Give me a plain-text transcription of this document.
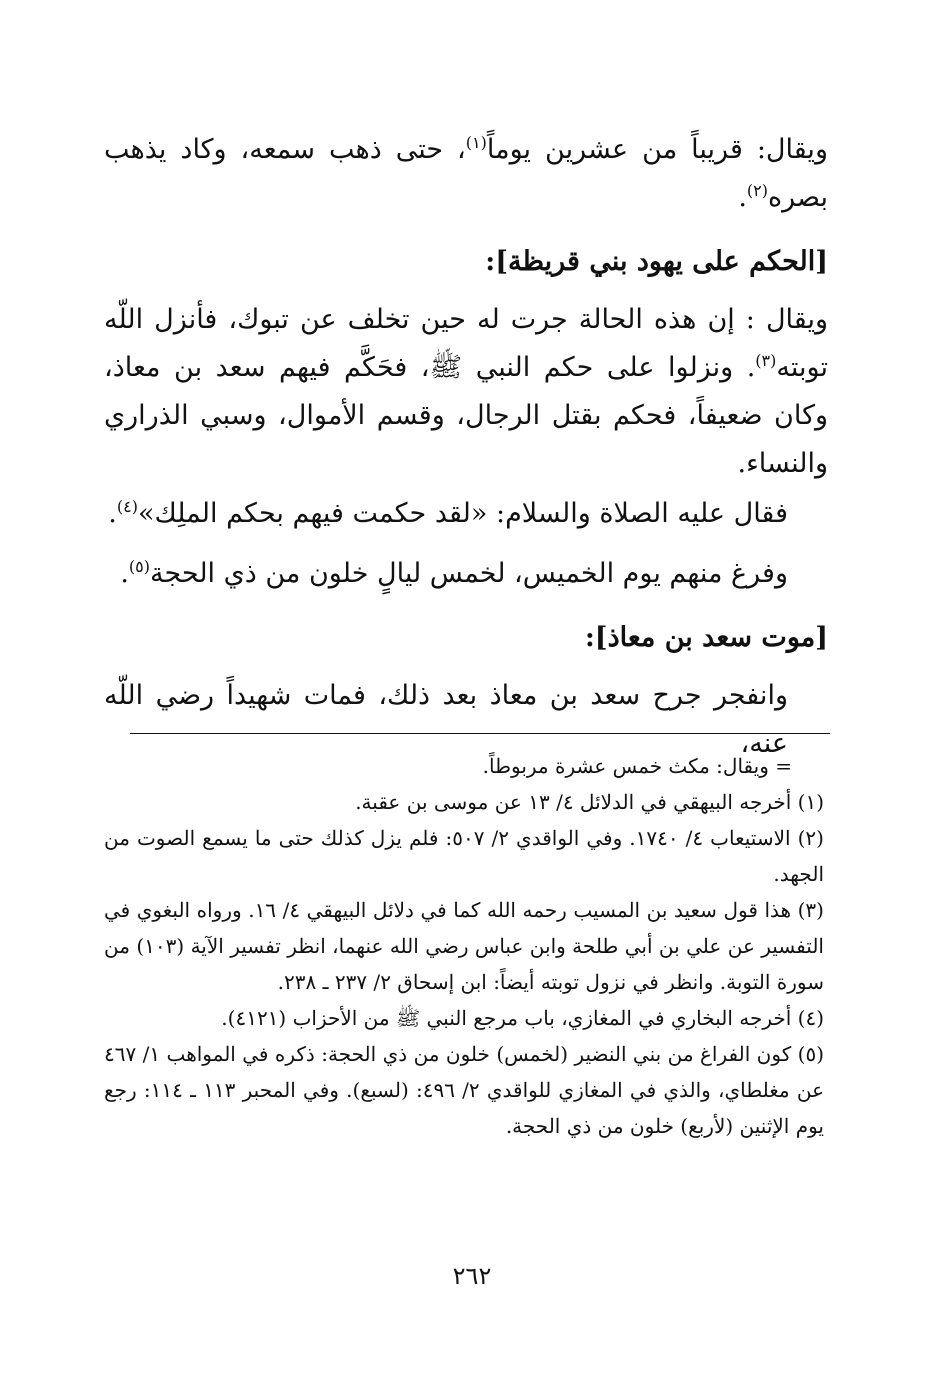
ويقال: قريباً من عشرين يوماً$^{(١)}$، حتى ذهب سمعه، وكاد يذهب بصره$^{(٢)}$.

[الحكم على يهود بني قريظة]:

ويقال : إن هذه الحالة جرت له حين تخلف عن تبوك، فأنزل اللّه توبته$^{(٣)}$. ونزلوا على حكم النبي ﷺ، فحَكَّم فيهم سعد بن معاذ، وكان ضعيفاً، فحكم بقتل الرجال، وقسم الأموال، وسبي الذراري والنساء.

فقال عليه الصلاة والسلام: «لقد حكمت فيهم بحكم الملِك»$^{(٤)}$.

وفرغ منهم يوم الخميس، لخمس ليالٍ خلون من ذي الحجة$^{(٥)}$.

[موت سعد بن معاذ]:
وانفجر جرح سعد بن معاذ بعد ذلك، فمات شهيداً رضي اللّه عنه،

= ويقال: مكث خمس عشرة مربوطاً.

(١) أخرجه البيهقي في الدلائل ٤/ ١٣ عن موسى بن عقبة.

(٢) الاستيعاب ٤/ ١٧٤٠. وفي الواقدي ٢/ ٥٠٧: فلم يزل كذلك حتى ما يسمع الصوت من الجهد.

(٣) هذا قول سعيد بن المسيب رحمه الله كما في دلائل البيهقي ٤/ ١٦. ورواه البغوي في التفسير عن علي بن أبي طلحة وابن عباس رضي الله عنهما، انظر تفسير الآية (١٠٣) من سورة التوبة. وانظر في نزول توبته أيضاً: ابن إسحاق ٢/ ٢٣٧ ـ ٢٣٨.

(٤) أخرجه البخاري في المغازي، باب مرجع النبي ﷺ من الأحزاب (٤١٢١).

(٥) كون الفراغ من بني النضير (لخمس) خلون من ذي الحجة: ذكره في المواهب ١/ ٤٦٧ عن مغلطاي، والذي في المغازي للواقدي ٢/ ٤٩٦: (لسبع). وفي المحبر ١١٣ ـ ١١٤: رجع يوم الإثنين (لأربع) خلون من ذي الحجة.

٢٦٢
